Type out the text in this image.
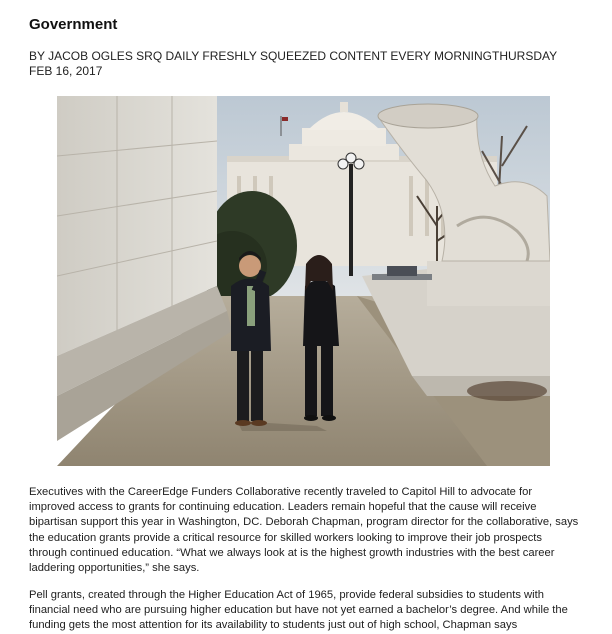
Government
BY JACOB OGLES SRQ DAILY FRESHLY SQUEEZED CONTENT EVERY MORNINGTHURSDAY FEB 16, 2017

Executives with the CareerEdge Funders Collaborative recently traveled to Capitol Hill to advocate for improved access to grants for continuing education. Leaders remain hopeful that the cause will receive bipartisan support this year in Washington, DC. Deborah Chapman, program director for the collaborative, says the education grants provide a critical resource for skilled workers looking to improve their job prospects through continued education. “What we always look at is the highest growth industries with the best career laddering opportunities,” she says.

Pell grants, created through the Higher Education Act of 1965, provide federal subsidies to students with financial need who are pursuing higher education but have not yet earned a bachelor’s degree. And while the funding gets the most attention for its availability to students just out of high school, Chapman says
